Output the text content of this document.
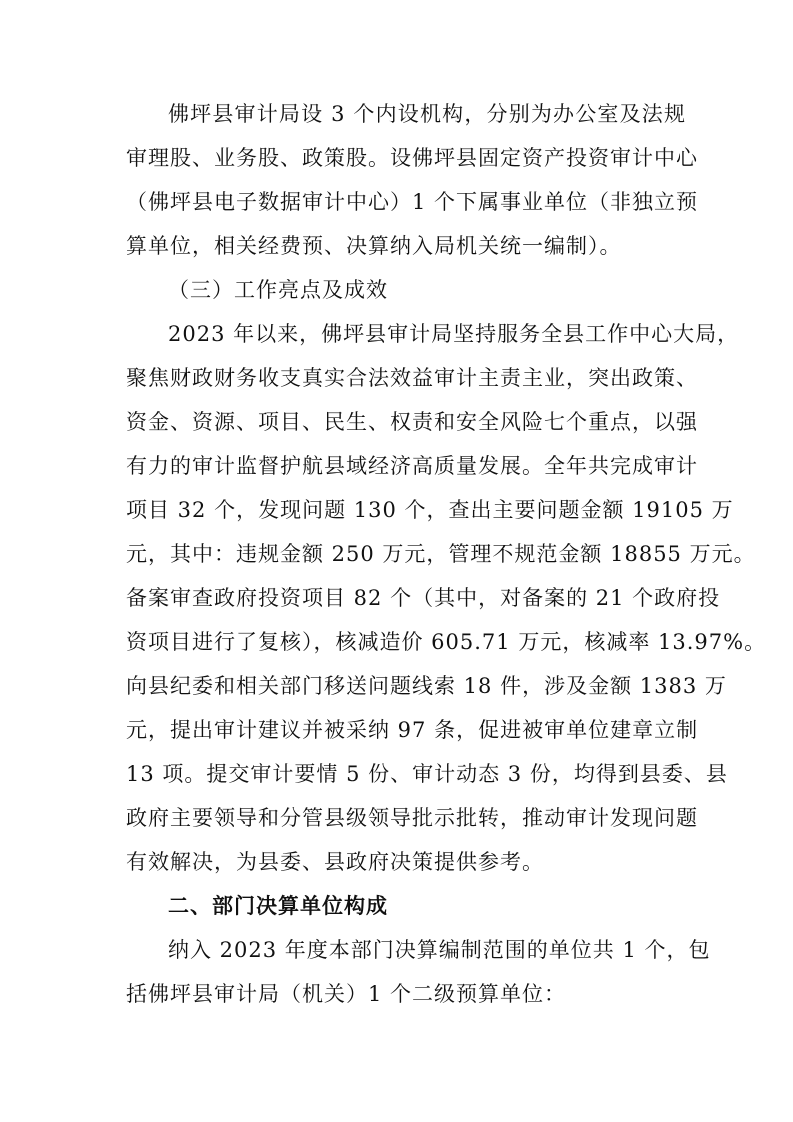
佛坪县审计局设 3 个内设机构，分别为办公室及法规
审理股、业务股、政策股。设佛坪县固定资产投资审计中心
（佛坪县电子数据审计中心）1 个下属事业单位（非独立预
算单位，相关经费预、决算纳入局机关统一编制）。
（三）工作亮点及成效
2023 年以来，佛坪县审计局坚持服务全县工作中心大局，
聚焦财政财务收支真实合法效益审计主责主业，突出政策、
资金、资源、项目、民生、权责和安全风险七个重点，以强
有力的审计监督护航县域经济高质量发展。全年共完成审计
项目 32 个，发现问题 130 个，查出主要问题金额 19105 万
元，其中：违规金额 250 万元，管理不规范金额 18855 万元。
备案审查政府投资项目 82 个（其中，对备案的 21 个政府投
资项目进行了复核），核减造价 605.71 万元，核减率 13.97%。
向县纪委和相关部门移送问题线索 18 件，涉及金额 1383 万
元，提出审计建议并被采纳 97 条，促进被审单位建章立制
13 项。提交审计要情 5 份、审计动态 3 份，均得到县委、县
政府主要领导和分管县级领导批示批转，推动审计发现问题
有效解决，为县委、县政府决策提供参考。
二、部门决算单位构成
纳入 2023 年度本部门决算编制范围的单位共 1 个，包
括佛坪县审计局（机关）1 个二级预算单位：
